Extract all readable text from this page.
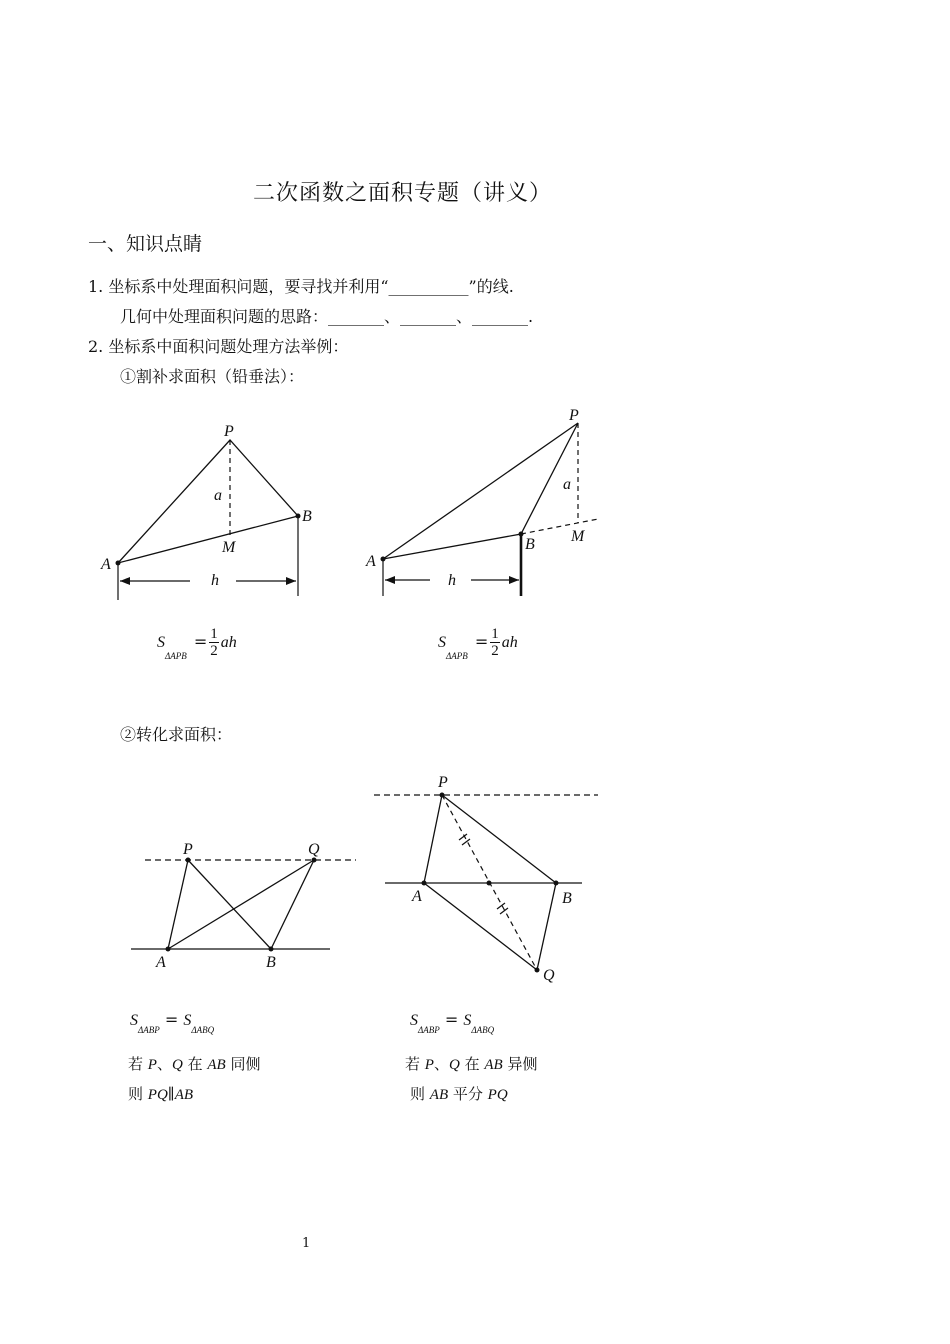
二次函数之面积专题（讲义）
一、知识点睛
1. 坐标系中处理面积问题，要寻找并利用“__________”的线.
几何中处理面积问题的思路：_______、_______、_______.
2. 坐标系中面积问题处理方法举例：
①割补求面积（铅垂法）：
P
A
B
M
a
h
P
A
B M
a
h
P	Q
A	B
P
A	B
Q
$S_{\Delta APB} = \frac{1}{2}$ ah	$S_{\Delta APB} = \frac{1}{2}$ ah
②转化求面积：
$S_{\Delta ABP} = S_{\Delta ABQ}$
若 P、Q 在 AB 同侧
则 PQ∥AB
$S_{\Delta ABP} = S_{\Delta ABQ}$
若 P、Q 在 AB 异侧
则 AB 平分 PQ
1
